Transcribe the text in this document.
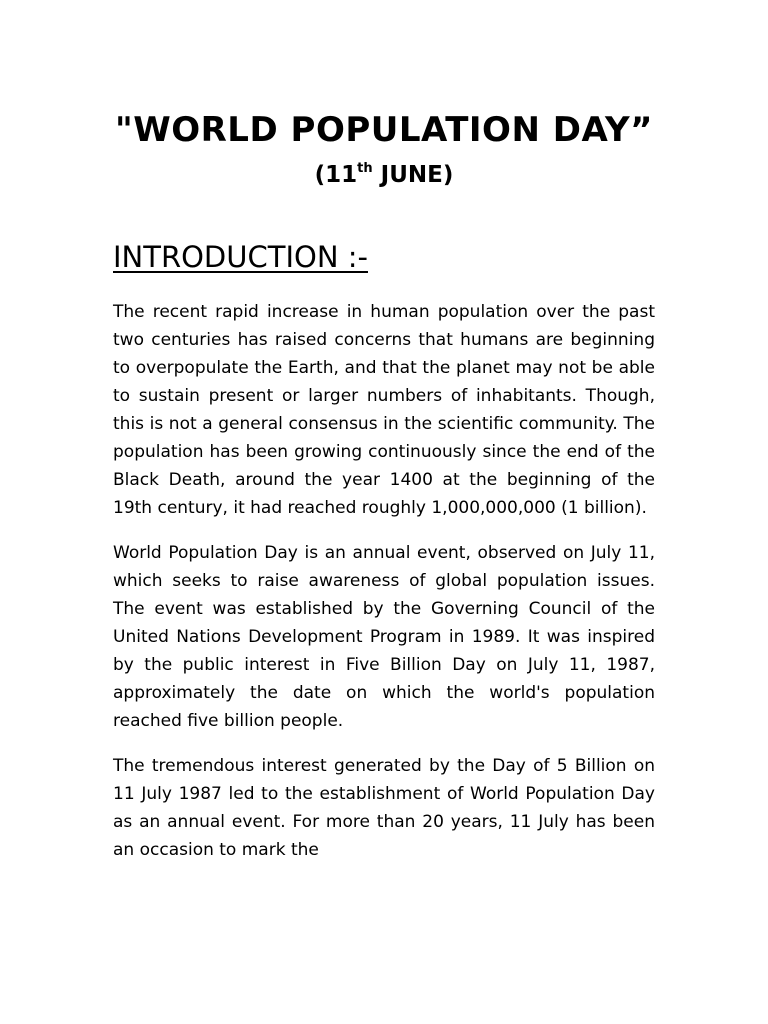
"WORLD POPULATION DAY”
(11th JUNE)
INTRODUCTION :-

The recent rapid increase in human population over the past two centuries has raised concerns that humans are beginning to overpopulate the Earth, and that the planet may not be able to sustain present or larger numbers of inhabitants. Though, this is not a general consensus in the scientific community. The population has been growing continuously since the end of the Black Death, around the year 1400 at the beginning of the 19th century, it had reached roughly 1,000,000,000 (1 billion).

World Population Day is an annual event, observed on July 11, which seeks to raise awareness of global population issues. The event was established by the Governing Council of the United Nations Development Program in 1989. It was inspired by the public interest in Five Billion Day on July 11, 1987, approximately the date on which the world's population reached five billion people.

The tremendous interest generated by the Day of 5 Billion on 11 July 1987 led to the establishment of World Population Day as an annual event. For more than 20 years, 11 July has been an occasion to mark the
